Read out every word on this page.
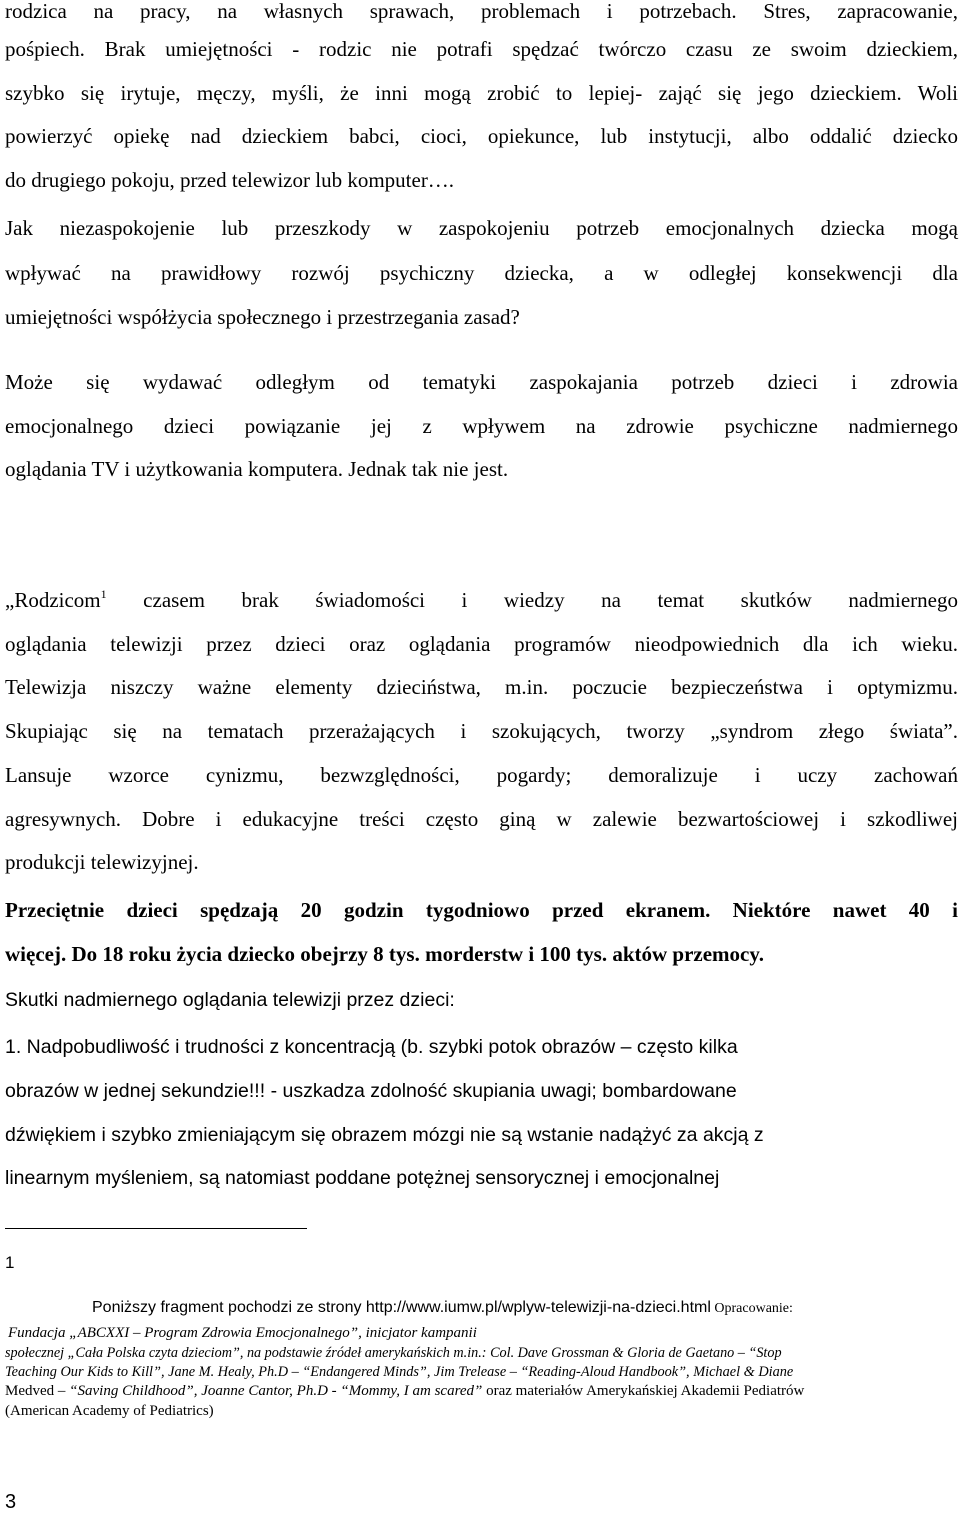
rodzica na pracy, na własnych sprawach, problemach i potrzebach. Stres, zapracowanie,

pośpiech. Brak umiejętności - rodzic nie potrafi spędzać twórczo czasu ze swoim dzieckiem,

szybko się irytuje, męczy, myśli, że inni mogą zrobić to lepiej- zająć się jego dzieckiem. Woli

powierzyć opiekę nad dzieckiem babci, cioci, opiekunce, lub instytucji, albo oddalić dziecko

do drugiego pokoju, przed telewizor lub komputer….

Jak niezaspokojenie lub przeszkody w zaspokojeniu potrzeb emocjonalnych dziecka mogą

wpływać na prawidłowy rozwój psychiczny dziecka, a w odległej konsekwencji dla

umiejętności współżycia społecznego i przestrzegania zasad?

Może się wydawać odległym od tematyki zaspokajania potrzeb dzieci i zdrowia

emocjonalnego dzieci powiązanie jej z wpływem na zdrowie psychiczne nadmiernego

oglądania TV i użytkowania komputera. Jednak tak nie jest.

„Rodzicom$^1$ czasem brak świadomości i wiedzy na temat skutków nadmiernego

oglądania telewizji przez dzieci oraz oglądania programów nieodpowiednich dla ich wieku.

Telewizja niszczy ważne elementy dzieciństwa, m.in. poczucie bezpieczeństwa i optymizmu.

Skupiając się na tematach przerażających i szokujących, tworzy „syndrom złego świata”.

Lansuje wzorce cynizmu, bezwzględności, pogardy; demoralizuje i uczy zachowań

agresywnych. Dobre i edukacyjne treści często giną w zalewie bezwartościowej i szkodliwej

produkcji telewizyjnej.

Przeciętnie dzieci spędzają 20 godzin tygodniowo przed ekranem. Niektóre nawet 40 i

więcej. Do 18 roku życia dziecko obejrzy 8 tys. morderstw i 100 tys. aktów przemocy.

Skutki nadmiernego oglądania telewizji przez dzieci:

1. Nadpobudliwość i trudności z koncentracją (b. szybki potok obrazów – często kilka

obrazów w jednej sekundzie!!! - uszkadza zdolność skupiania uwagi; bombardowane

dźwiękiem i szybko zmieniającym się obrazem mózgi nie są wstanie nadążyć za akcją z

linearnym myśleniem, są natomiast poddane potężnej sensorycznej i emocjonalnej

1

Poniższy fragment pochodzi ze strony http://www.iumw.pl/wplyw-telewizji-na-dzieci.html Opracowanie:

Fundacja „ABCXXI – Program Zdrowia Emocjonalnego”, inicjator kampanii

społecznej „Cała Polska czyta dzieciom”, na podstawie źródeł amerykańskich m.in.: Col. Dave Grossman & Gloria de Gaetano – “Stop

Teaching Our Kids to Kill”, Jane M. Healy, Ph.D – “Endangered Minds”, Jim Trelease – “Reading-Aloud Handbook”, Michael & Diane

Medved – “Saving Childhood”, Joanne Cantor, Ph.D - “Mommy, I am scared” oraz materiałów Amerykańskiej Akademii Pediatrów

(American Academy of Pediatrics)

3
